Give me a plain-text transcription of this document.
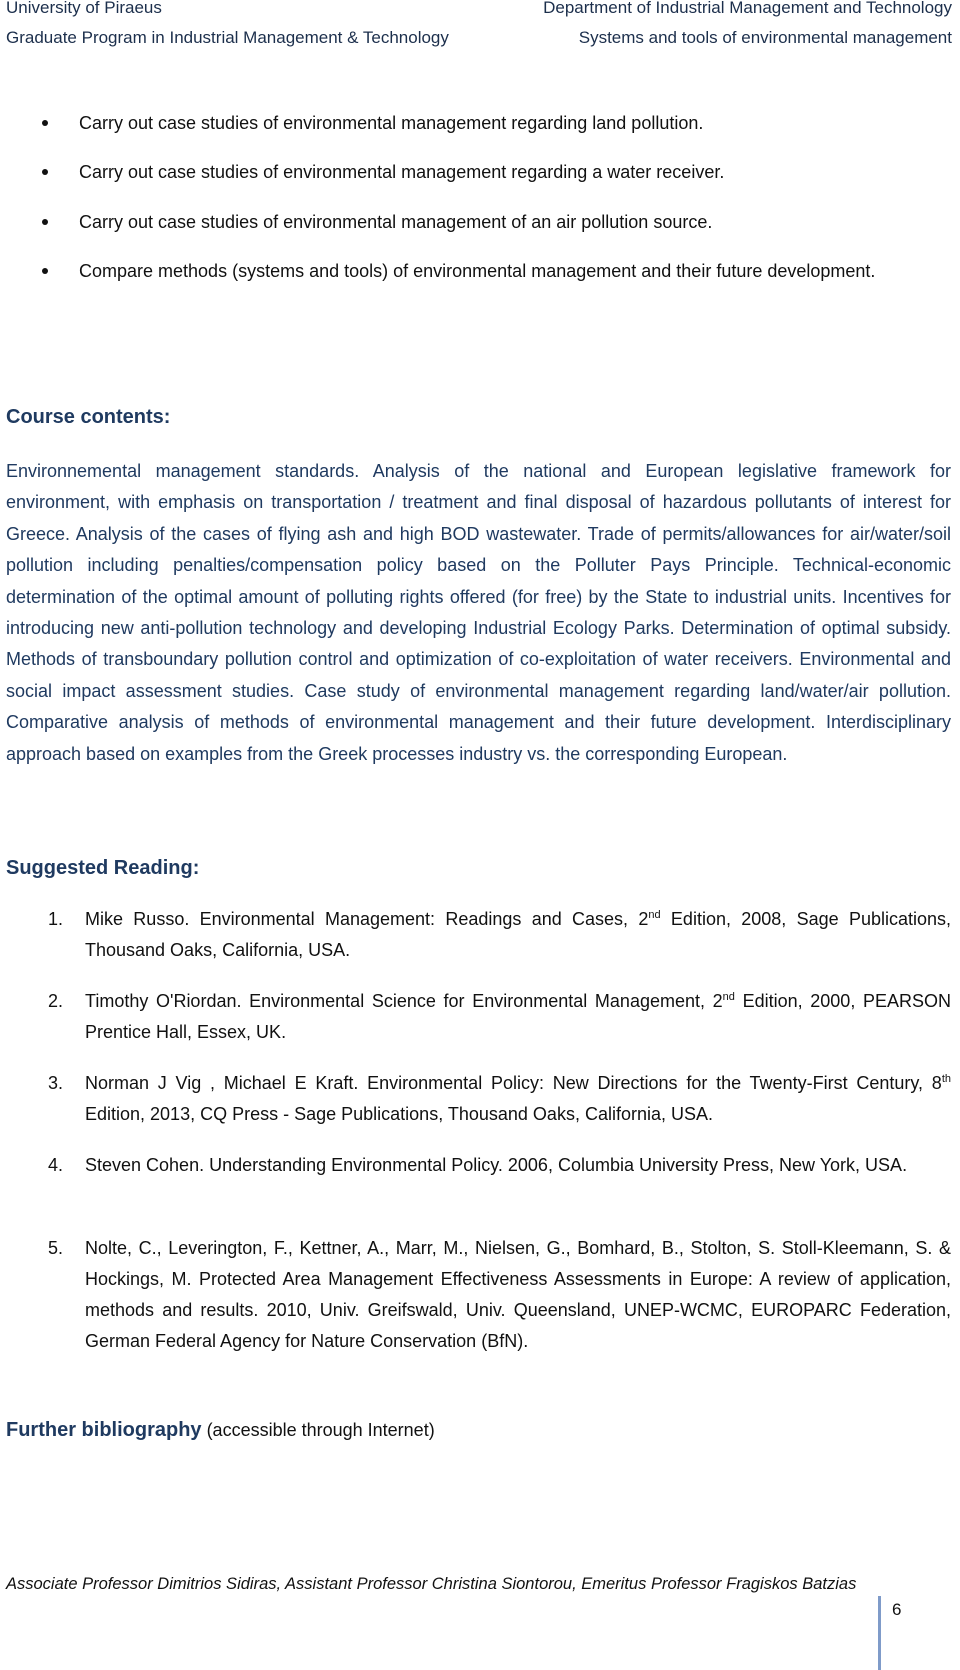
University of Piraeus	Department of Industrial Management and Technology
Graduate Program in Industrial Management & Technology	Systems and tools of environmental management
Carry out case studies of environmental management regarding land pollution.
Carry out case studies of environmental management regarding a water receiver.
Carry out case studies of environmental management of an air pollution source.
Compare methods (systems and tools) of environmental management and their future development.
Course contents:
Environnemental management standards. Analysis of the national and European legislative framework for environment, with emphasis on transportation / treatment and final disposal of hazardous pollutants of interest for Greece. Analysis of the cases of flying ash and high BOD wastewater. Trade of permits/allowances for air/water/soil pollution including penalties/compensation policy based on the Polluter Pays Principle. Technical-economic determination of the optimal amount of polluting rights offered (for free) by the State to industrial units. Incentives for introducing new anti-pollution technology and developing Industrial Ecology Parks. Determination of optimal subsidy. Methods of transboundary pollution control and optimization of co-exploitation of water receivers. Environmental and social impact assessment studies. Case study of environmental management regarding land/water/air pollution. Comparative analysis of methods of environmental management and their future development. Interdisciplinary approach based on examples from the Greek processes industry vs. the corresponding European.
Suggested Reading:
1. Mike Russo. Environmental Management: Readings and Cases, 2nd Edition, 2008, Sage Publications, Thousand Oaks, California, USA.
2. Timothy O'Riordan. Environmental Science for Environmental Management, 2nd Edition, 2000, PEARSON Prentice Hall, Essex, UK.
3. Norman J Vig , Michael E Kraft. Environmental Policy: New Directions for the Twenty-First Century, 8th Edition, 2013, CQ Press - Sage Publications, Thousand Oaks, California, USA.
4. Steven Cohen. Understanding Environmental Policy. 2006, Columbia University Press, New York, USA.
5. Nolte, C., Leverington, F., Kettner, A., Marr, M., Nielsen, G., Bomhard, B., Stolton, S. Stoll-Kleemann, S. & Hockings, M. Protected Area Management Effectiveness Assessments in Europe: A review of application, methods and results. 2010, Univ. Greifswald, Univ. Queensland, UNEP-WCMC, EUROPARC Federation, German Federal Agency for Nature Conservation (BfN).
Further bibliography (accessible through Internet)
Associate Professor Dimitrios Sidiras, Assistant Professor Christina Siontorou, Emeritus Professor Fragiskos Batzias
6
